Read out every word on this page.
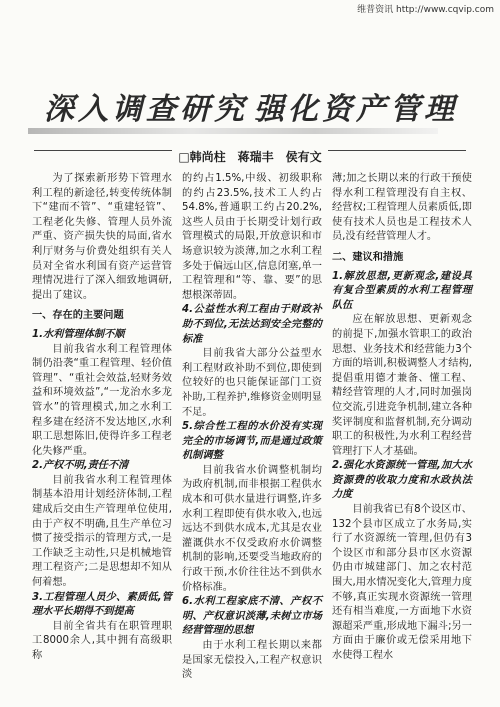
维普资讯 http://www.cqvip.com
深入调查研究 强化资产管理
□韩尚柱　蒋瑞丰　侯有文

为了探索新形势下管理水利工程的新途径,转变传统体制下“建而不管”、“重建轻管”、工程老化失修、管理人员外流严重、资产损失快的局面,省水利厅财务与价费处组织有关人员对全省水利国有资产运营管理情况进行了深入细致地调研,提出了建议。

一、存在的主要问题

1.水利管理体制不顺

目前我省水利工程管理体制仍沿袭“重工程管理、轻价值管理”、“重社会效益,轻财务效益和环境效益”,“一龙治水多龙管水”的管理模式,加之水利工程多建在经济不发达地区,水利职工思想陈旧,使得许多工程老化失修严重。

2.产权不明,责任不清

目前我省水利工程管理体制基本沿用计划经济体制,工程建成后交由生产管理单位使用,由于产权不明确,且生产单位习惯了接受指示的管理方式,一是工作缺乏主动性,只是机械地管理工程资产;二是思想却不知从何着想。

3.工程管理人员少、素质低,管理水平长期得不到提高

目前全省共有在职管理职工8000余人,其中拥有高级职称

的约占1.5%,中级、初级职称的约占23.5%,技术工人约占54.8%,普通职工约占20.2%,这些人员由于长期受计划行政管理模式的局限,开放意识和市场意识较为淡薄,加之水利工程多处于偏远山区,信息闭塞,单一工程管理和“等、靠、要”的思想根深蒂固。

4.公益性水利工程由于财政补助不到位,无法达到安全完整的标准

目前我省大部分公益型水利工程财政补助不到位,即使到位较好的也只能保证部门工资补助,工程养护,维修资金则明显不足。

5.综合性工程的水价没有实现完全的市场调节,而是通过政策机制调整

目前我省水价调整机制均为政府机制,而非根据工程供水成本和可供水量进行调整,许多水利工程即使有供水收入,也远远达不到供水成本,尤其是农业灌溉供水不仅受政府水价调整机制的影响,还要受当地政府的行政干预,水价往往达不到供水价格标准。

6.水利工程家底不清、产权不明、产权意识淡薄,未树立市场经营管理的思想

由于水利工程长期以来都是国家无偿投入,工程产权意识淡

薄;加之长期以来的行政干预使得水利工程管理没有自主权、经营权;工程管理人员素质低,即使有技术人员也是工程技术人员,没有经营管理人才。

二、建议和措施

1.解放思想,更新观念,建设具有复合型素质的水利工程管理队伍

应在解放思想、更新观念的前提下,加强水管职工的政治思想、业务技术和经营能力3个方面的培训,积极调整人才结构,提倡重用德才兼备、懂工程、精经营管理的人才,同时加强岗位交流,引进竞争机制,建立各种奖评制度和监督机制,充分调动职工的积极性,为水利工程经营管理打下人才基础。

2.强化水资源统一管理,加大水资源费的收取力度和水政执法力度

目前我省已有8个设区市、132个县市区成立了水务局,实行了水资源统一管理,但仍有3个设区市和部分县市区水资源仍由市城建部门、加之农村范围大,用水情况变化大,管理力度不够,真正实现水资源统一管理还有相当难度,一方面地下水资源超采严重,形成地下漏斗;另一方面由于廉价或无偿采用地下水使得工程水
